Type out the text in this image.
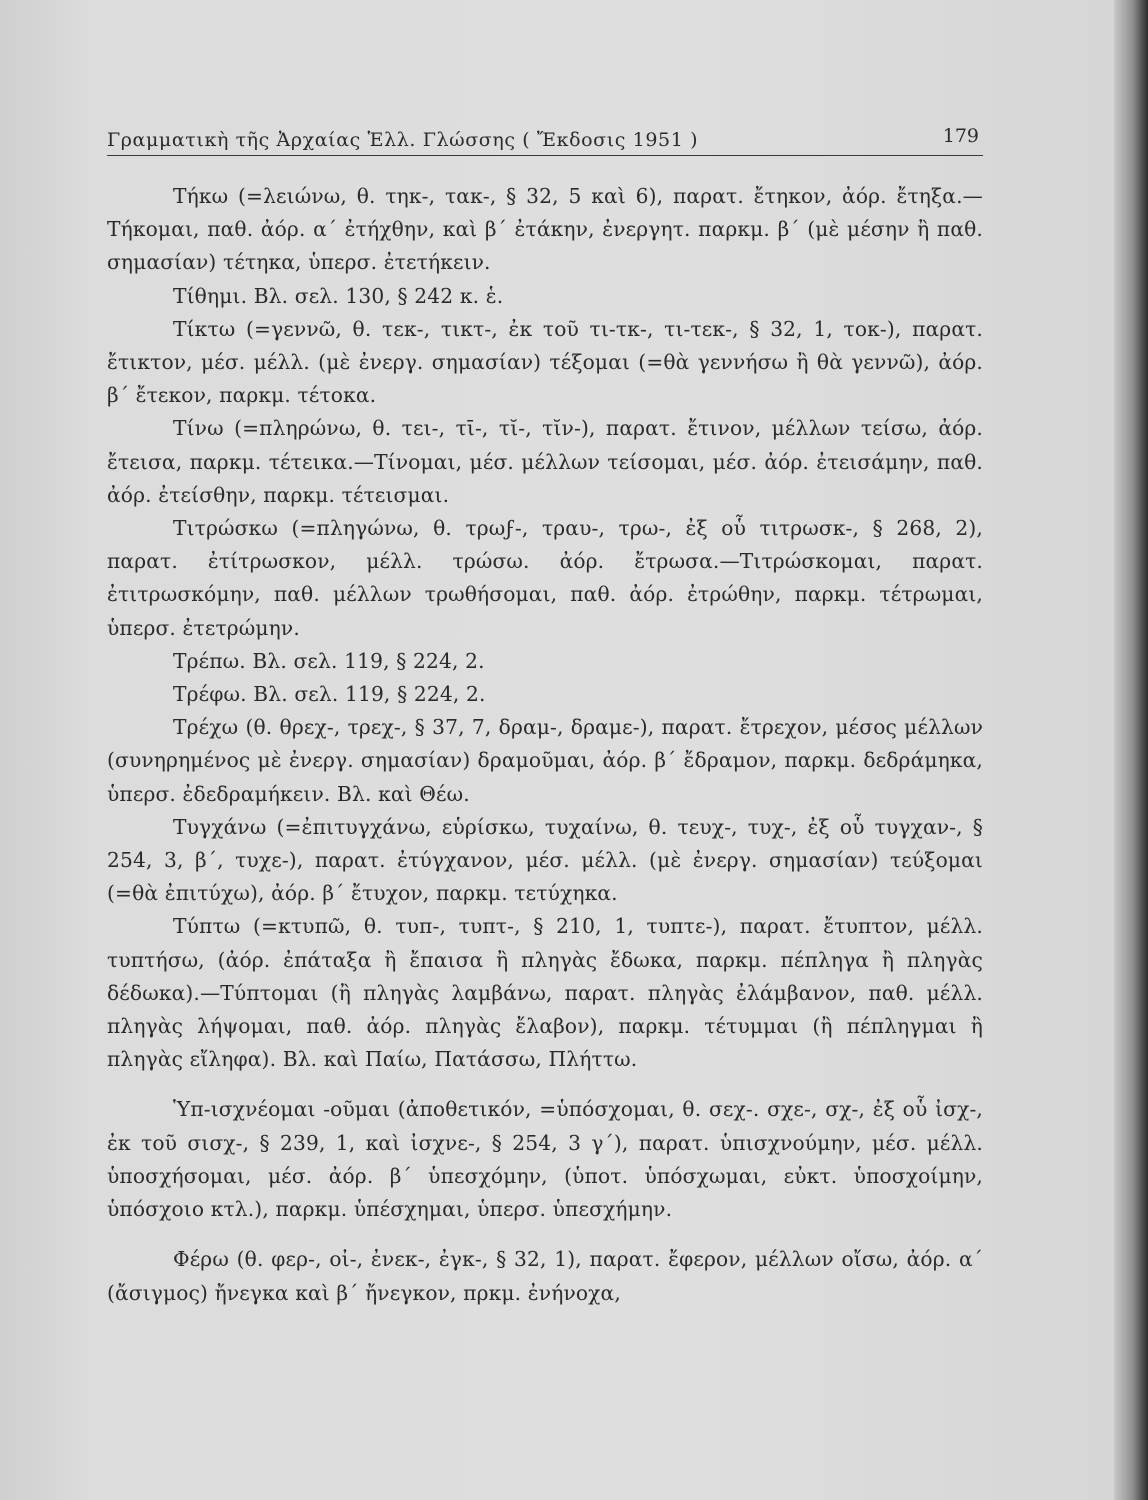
Γραμματικὴ τῆς Ἀρχαίας Ἑλλ. Γλώσσης ( Ἔκδοσις 1951 )	179

Τήκω (=λειώνω, θ. τηκ-, τακ-, § 32, 5 καὶ 6), παρατ. ἔτηκον, ἀόρ. ἔτηξα.—Τήκομαι, παθ. ἀόρ. α΄ ἐτήχθην, καὶ β΄ ἐτάκην, ἐνεργητ. παρκμ. β΄ (μὲ μέσην ἢ παθ. σημασίαν) τέτηκα, ὑπερσ. ἐτετήκειν.

Τίθημι. Βλ. σελ. 130, § 242 κ. ἑ.

Τίκτω (=γεννῶ, θ. τεκ-, τικτ-, ἐκ τοῦ τι-τκ-, τι-τεκ-, § 32, 1, τοκ-), παρατ. ἔτικτον, μέσ. μέλλ. (μὲ ἐνεργ. σημασίαν) τέξομαι (=θὰ γεννήσω ἢ θὰ γεννῶ), ἀόρ. β΄ ἔτεκον, παρκμ. τέτοκα.

Τίνω (=πληρώνω, θ. τει-, τῑ-, τῐ-, τῐν-), παρατ. ἔτινον, μέλλων τείσω, ἀόρ. ἔτεισα, παρκμ. τέτεικα.—Τίνομαι, μέσ. μέλλων τείσομαι, μέσ. ἀόρ. ἐτεισάμην, παθ. ἀόρ. ἐτείσθην, παρκμ. τέτεισμαι.

Τιτρώσκω (=πληγώνω, θ. τρωϝ-, τραυ-, τρω-, ἐξ οὗ τιτρωσκ-, § 268, 2), παρατ. ἐτίτρωσκον, μέλλ. τρώσω. ἀόρ. ἔτρωσα.—Τιτρώσκομαι, παρατ. ἐτιτρωσκόμην, παθ. μέλλων τρωθήσομαι, παθ. ἀόρ. ἐτρώθην, παρκμ. τέτρωμαι, ὑπερσ. ἐτετρώμην.

Τρέπω. Βλ. σελ. 119, § 224, 2.

Τρέφω. Βλ. σελ. 119, § 224, 2.

Τρέχω (θ. θρεχ-, τρεχ-, § 37, 7, δραμ-, δραμε-), παρατ. ἔτρεχον, μέσος μέλλων (συνηρημένος μὲ ἐνεργ. σημασίαν) δραμοῦμαι, ἀόρ. β΄ ἔδραμον, παρκμ. δεδράμηκα, ὑπερσ. ἐδεδραμήκειν. Βλ. καὶ Θέω.

Τυγχάνω (=ἐπιτυγχάνω, εὑρίσκω, τυχαίνω, θ. τευχ-, τυχ-, ἐξ οὗ τυγχαν-, § 254, 3, β΄, τυχε-), παρατ. ἐτύγχανον, μέσ. μέλλ. (μὲ ἐνεργ. σημασίαν) τεύξομαι (=θὰ ἐπιτύχω), ἀόρ. β΄ ἔτυχον, παρκμ. τετύχηκα.

Τύπτω (=κτυπῶ, θ. τυπ-, τυπτ-, § 210, 1, τυπτε-), παρατ. ἔτυπτον, μέλλ. τυπτήσω, (ἀόρ. ἐπάταξα ἢ ἔπαισα ἢ πληγὰς ἔδωκα, παρκμ. πέπληγα ἢ πληγὰς δέδωκα).—Τύπτομαι (ἢ πληγὰς λαμβάνω, παρατ. πληγὰς ἐλάμβανον, παθ. μέλλ. πληγὰς λήψομαι, παθ. ἀόρ. πληγὰς ἔλαβον), παρκμ. τέτυμμαι (ἢ πέπληγμαι ἢ πληγὰς εἴληφα). Βλ. καὶ Παίω, Πατάσσω, Πλήττω.

Ὑπ-ισχνέομαι -οῦμαι (ἀποθετικόν, =ὑπόσχομαι, θ. σεχ-. σχε-, σχ-, ἐξ οὗ ἰσχ-, ἐκ τοῦ σισχ-, § 239, 1, καὶ ἰσχνε-, § 254, 3 γ΄), παρατ. ὑπισχνούμην, μέσ. μέλλ. ὑποσχήσομαι, μέσ. ἀόρ. β΄ ὑπεσχόμην, (ὑποτ. ὑπόσχωμαι, εὐκτ. ὑποσχοίμην, ὑπόσχοιο κτλ.), παρκμ. ὑπέσχημαι, ὑπερσ. ὑπεσχήμην.

Φέρω (θ. φερ-, οἰ-, ἐνεκ-, ἐγκ-, § 32, 1), παρατ. ἔφερον, μέλλων οἴσω, ἀόρ. α΄ (ἄσιγμος) ἤνεγκα καὶ β΄ ἤνεγκον, πρκμ. ἐνήνοχα,
